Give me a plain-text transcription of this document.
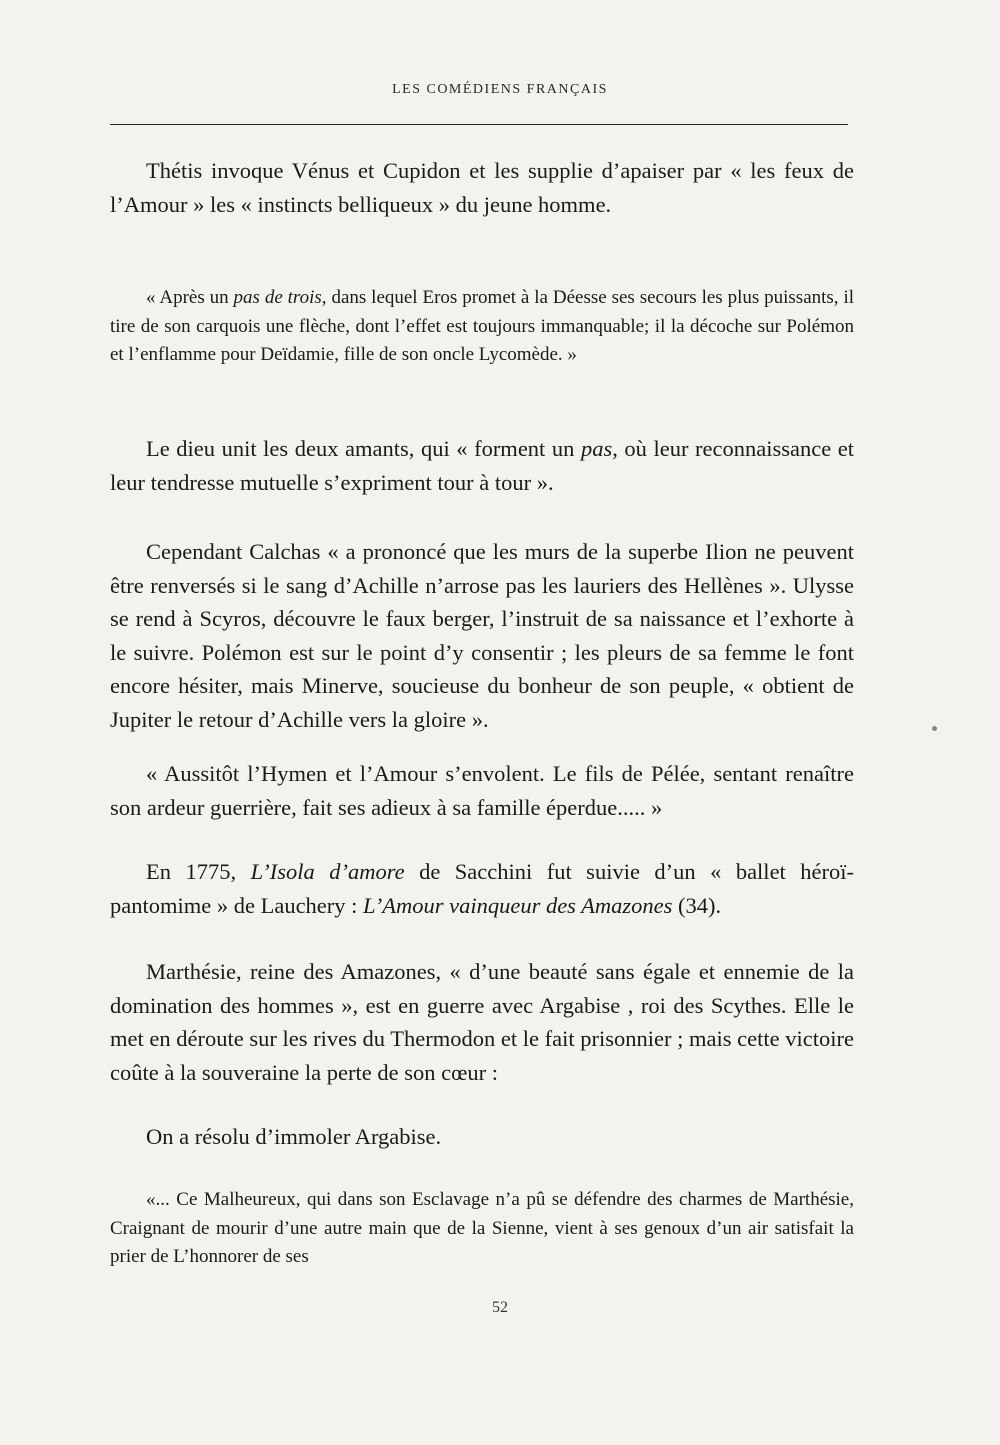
LES COMÉDIENS FRANÇAIS

Thétis invoque Vénus et Cupidon et les supplie d’apaiser par « les feux de l’Amour » les « instincts belliqueux » du jeune homme.

« Après un pas de trois, dans lequel Eros promet à la Déesse ses secours les plus puissants, il tire de son carquois une flèche, dont l’effet est toujours immanquable; il la décoche sur Polémon et l’enflamme pour Deïdamie, fille de son oncle Lycomède. »

Le dieu unit les deux amants, qui « forment un pas, où leur reconnaissance et leur tendresse mutuelle s’expriment tour à tour ».

Cependant Calchas « a prononcé que les murs de la superbe Ilion ne peuvent être renversés si le sang d’Achille n’arrose pas les lauriers des Hellènes ». Ulysse se rend à Scyros, découvre le faux berger, l’instruit de sa naissance et l’exhorte à le suivre. Polémon est sur le point d’y consentir ; les pleurs de sa femme le font encore hésiter, mais Minerve, soucieuse du bonheur de son peuple, « obtient de Jupiter le retour d’Achille vers la gloire ».

« Aussitôt l’Hymen et l’Amour s’envolent. Le fils de Pélée, sentant renaître son ardeur guerrière, fait ses adieux à sa famille éperdue..... »

En 1775, L’Isola d’amore de Sacchini fut suivie d’un « ballet héroï-pantomime » de Lauchery : L’Amour vainqueur des Amazones (34).

Marthésie, reine des Amazones, « d’une beauté sans égale et ennemie de la domination des hommes », est en guerre avec Argabise , roi des Scythes. Elle le met en déroute sur les rives du Thermodon et le fait prisonnier ; mais cette victoire coûte à la souveraine la perte de son cœur :

On a résolu d’immoler Argabise.

«... Ce Malheureux, qui dans son Esclavage n’a pû se défendre des charmes de Marthésie, Craignant de mourir d’une autre main que de la Sienne, vient à ses genoux d’un air satisfait la prier de L’honnorer de ses

52
